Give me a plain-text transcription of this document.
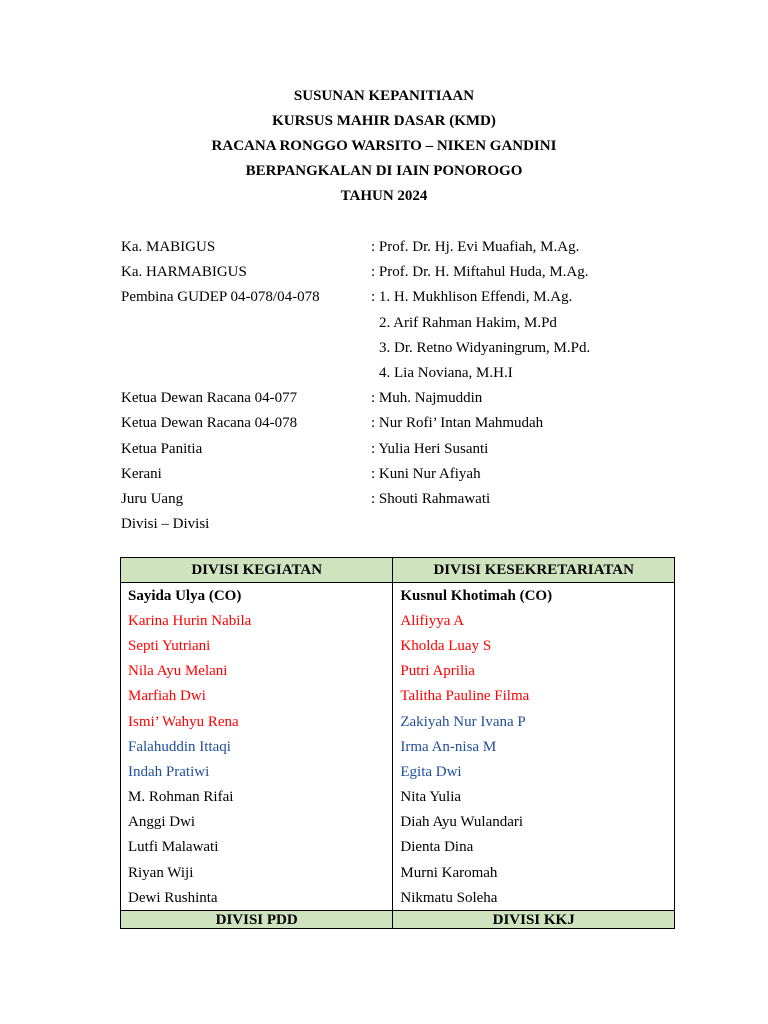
SUSUNAN KEPANITIAAN
KURSUS MAHIR DASAR (KMD)
RACANA RONGGO WARSITO – NIKEN GANDINI
BERPANGKALAN DI IAIN PONOROGO
TAHUN 2024
Ka. MABIGUS	: Prof. Dr. Hj. Evi Muafiah, M.Ag.
Ka. HARMABIGUS	: Prof. Dr. H. Miftahul Huda, M.Ag.
Pembina GUDEP 04-078/04-078	: 1. H. Mukhlison Effendi, M.Ag.
2. Arif Rahman Hakim, M.Pd
3. Dr. Retno Widyaningrum, M.Pd.
4. Lia Noviana, M.H.I
Ketua Dewan Racana 04-077	: Muh. Najmuddin
Ketua Dewan Racana 04-078	: Nur Rofi’ Intan Mahmudah
Ketua Panitia	: Yulia Heri Susanti
Kerani	: Kuni Nur Afiyah
Juru Uang	: Shouti Rahmawati
Divisi – Divisi
DIVISI KEGIATAN	DIVISI KESEKRETARIATAN
Sayida Ulya (CO)	Kusnul Khotimah (CO)
Karina Hurin Nabila	Alifiyya A
Septi Yutriani	Kholda Luay S
Nila Ayu Melani	Putri Aprilia
Marfiah Dwi	Talitha Pauline Filma
Ismi’ Wahyu Rena	Zakiyah Nur Ivana P
Falahuddin Ittaqi	Irma An-nisa M
Indah Pratiwi	Egita Dwi
M. Rohman Rifai	Nita Yulia
Anggi Dwi	Diah Ayu Wulandari
Lutfi Malawati	Dienta Dina
Riyan Wiji	Murni Karomah
Dewi Rushinta	Nikmatu Soleha
DIVISI PDD	DIVISI KKJ
